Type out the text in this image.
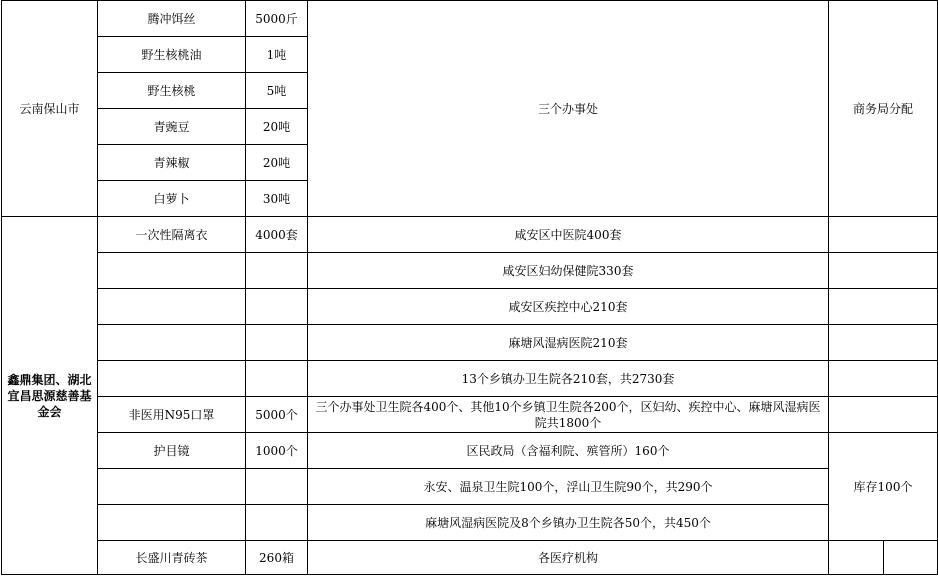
云南保山市	腾冲饵丝	5000斤	三个办事处	商务局分配	
	野生核桃油	1吨			
	野生核桃	5吨			
	青豌豆	20吨			
	青辣椒	20吨			
	白萝卜	30吨			
鑫鼎集团、湖北宜昌思源慈善基金会	一次性隔离衣	4000套	咸安区中医院400套		
			咸安区妇幼保健院330套		
			咸安区疾控中心210套		
			麻塘风湿病医院210套		
			13个乡镇办卫生院各210套，共2730套		
	非医用N95口罩	5000个	三个办事处卫生院各400个、其他10个乡镇卫生院各200个，区妇幼、疾控中心、麻塘风湿病医院共1800个		
	护目镜	1000个	区民政局（含福利院、殡管所）160个	库存100个	
			永安、温泉卫生院100个，浮山卫生院90个，共290个		
			麻塘风湿病医院及8个乡镇办卫生院各50个，共450个		
	长盛川青砖茶	260箱	各医疗机构		
